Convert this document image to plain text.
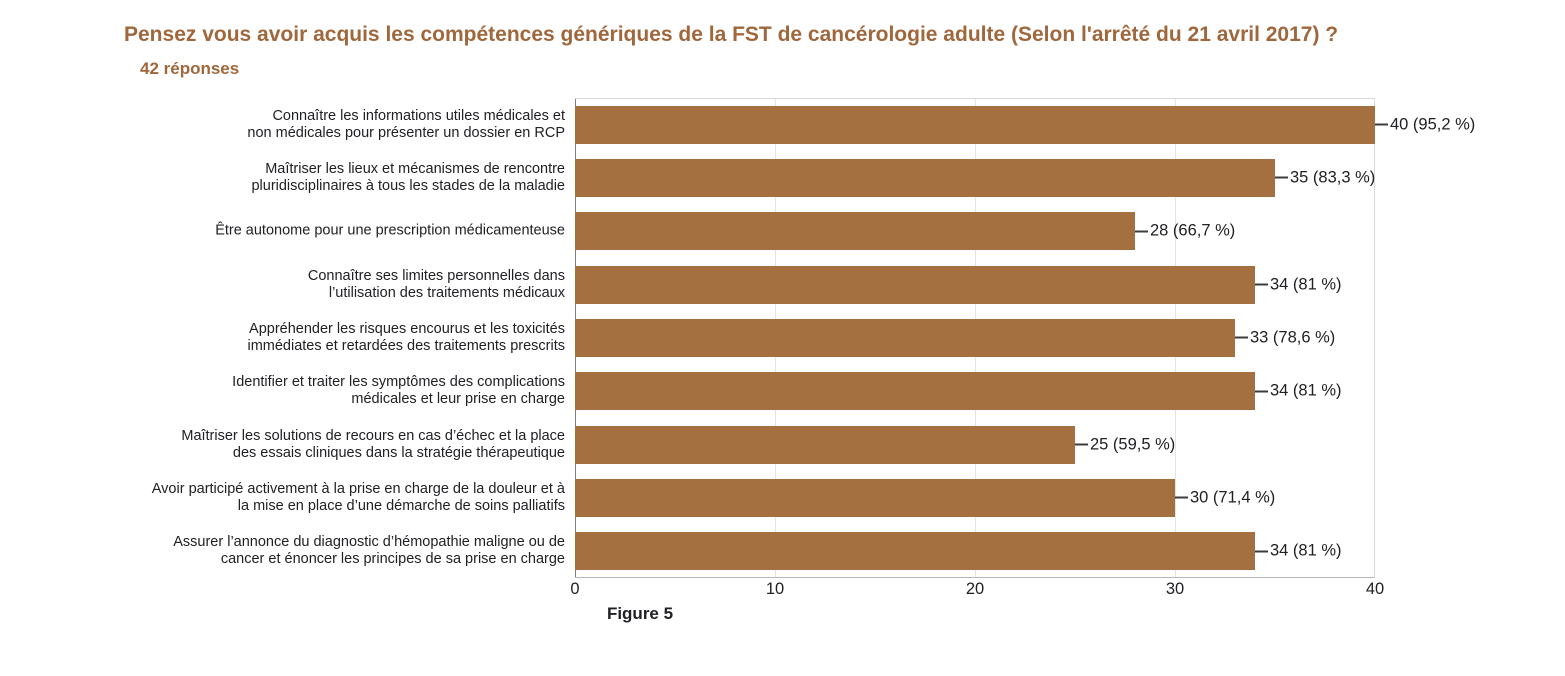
Pensez vous avoir acquis les compétences génériques de la FST de cancérologie adulte (Selon l'arrêté du 21 avril 2017) ?42 réponses
Connaître les informations utiles médicales et
non médicales pour présenter un dossier en RCP	40 (95,2 %)
Maîtriser les lieux et mécanismes de rencontre
pluridisciplinaires à tous les stades de la maladie	35 (83,3 %)
Être autonome pour une prescription médicamenteuse	28 (66,7 %)
Connaître ses limites personnelles dans
l’utilisation des traitements médicaux	34 (81 %)
Appréhender les risques encourus et les toxicités
immédiates et retardées des traitements prescrits	33 (78,6 %)
Identifier et traiter les symptômes des complications
médicales et leur prise en charge	34 (81 %)
Maîtriser les solutions de recours en cas d’échec et la place
des essais cliniques dans la stratégie thérapeutique	25 (59,5 %)
Avoir participé activement à la prise en charge de la douleur et à
la mise en place d’une démarche de soins palliatifs	30 (71,4 %)
Assurer l’annonce du diagnostic d’hémopathie maligne ou de
cancer et énoncer les principes de sa prise en charge	34 (81 %)
0	10	20	30	40
Figure 5
